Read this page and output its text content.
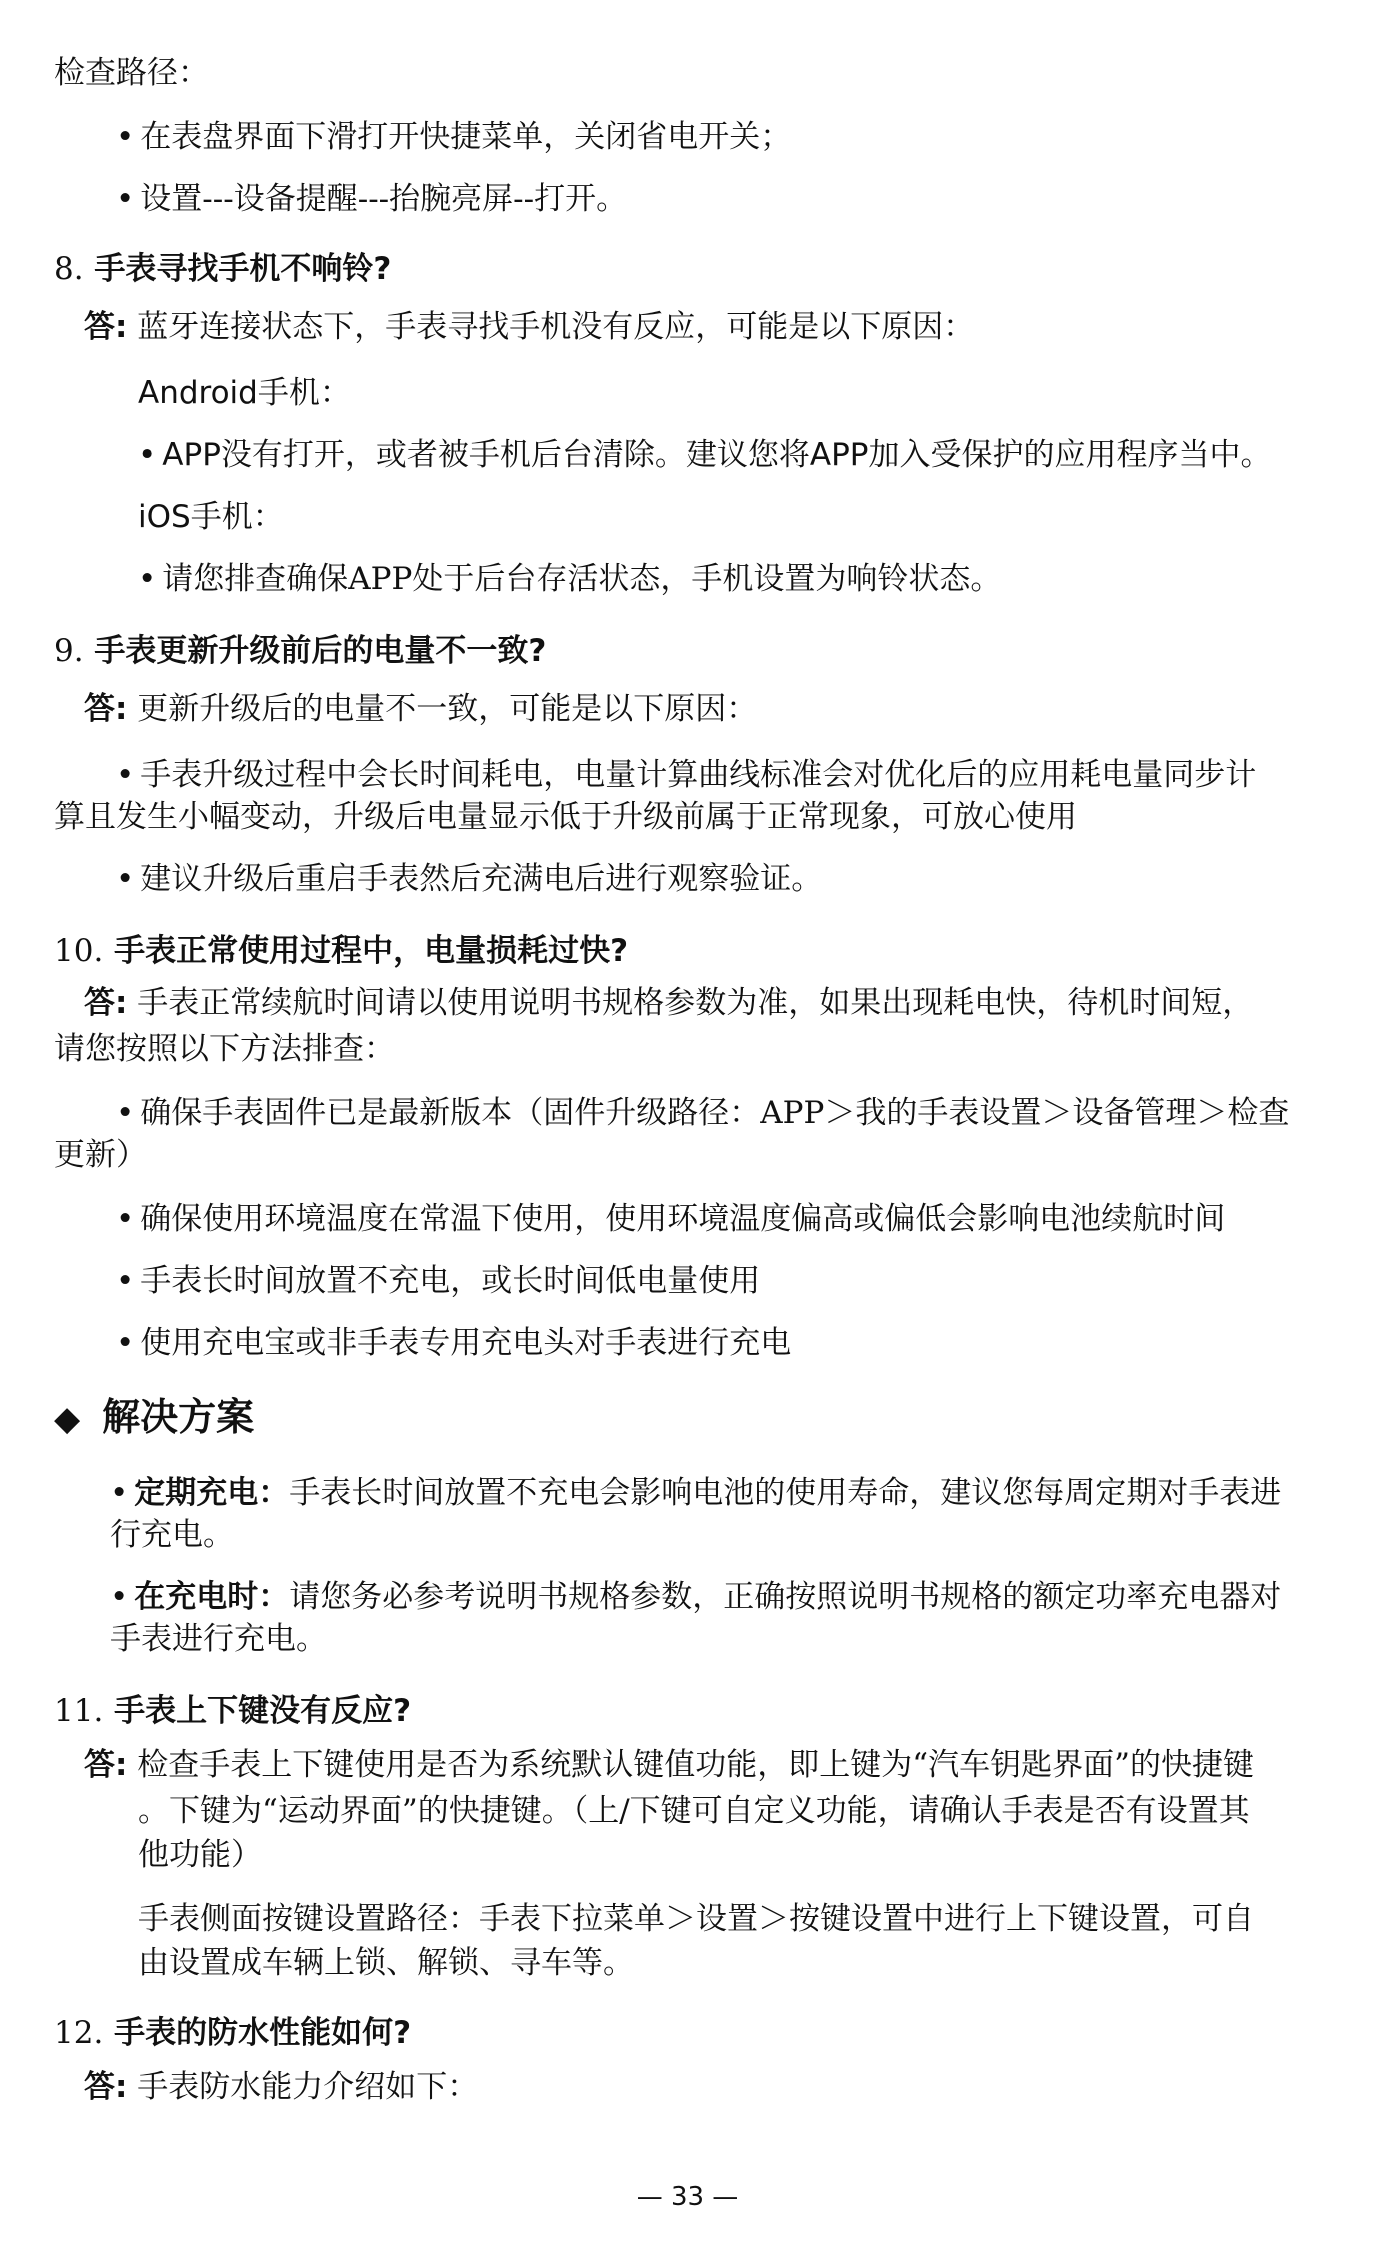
检查路径：
• 在表盘界面下滑打开快捷菜单，关闭省电开关；
• 设置---设备提醒---抬腕亮屏--打开。
8. 手表寻找手机不响铃?
答: 蓝牙连接状态下，手表寻找手机没有反应，可能是以下原因：
Android手机：
• APP没有打开，或者被手机后台清除。建议您将APP加入受保护的应用程序当中。
iOS手机：
• 请您排查确保APP处于后台存活状态，手机设置为响铃状态。
9. 手表更新升级前后的电量不一致?
答: 更新升级后的电量不一致，可能是以下原因：
• 手表升级过程中会长时间耗电，电量计算曲线标准会对优化后的应用耗电量同步计
算且发生小幅变动，升级后电量显示低于升级前属于正常现象，可放心使用
• 建议升级后重启手表然后充满电后进行观察验证。
10. 手表正常使用过程中，电量损耗过快?
答: 手表正常续航时间请以使用说明书规格参数为准，如果出现耗电快，待机时间短，
请您按照以下方法排查：
• 确保手表固件已是最新版本（固件升级路径：APP＞我的手表设置＞设备管理＞检查
更新）
• 确保使用环境温度在常温下使用，使用环境温度偏高或偏低会影响电池续航时间
• 手表长时间放置不充电，或长时间低电量使用
• 使用充电宝或非手表专用充电头对手表进行充电
◆ 解决方案
• 定期充电：手表长时间放置不充电会影响电池的使用寿命，建议您每周定期对手表进
行充电。
• 在充电时：请您务必参考说明书规格参数，正确按照说明书规格的额定功率充电器对
手表进行充电。
11. 手表上下键没有反应?
答: 检查手表上下键使用是否为系统默认键值功能，即上键为“汽车钥匙界面”的快捷键
。下键为“运动界面”的快捷键。（上/下键可自定义功能，请确认手表是否有设置其
他功能）
手表侧面按键设置路径：手表下拉菜单＞设置＞按键设置中进行上下键设置，可自
由设置成车辆上锁、解锁、寻车等。
12. 手表的防水性能如何?
答: 手表防水能力介绍如下：
— 33 —
